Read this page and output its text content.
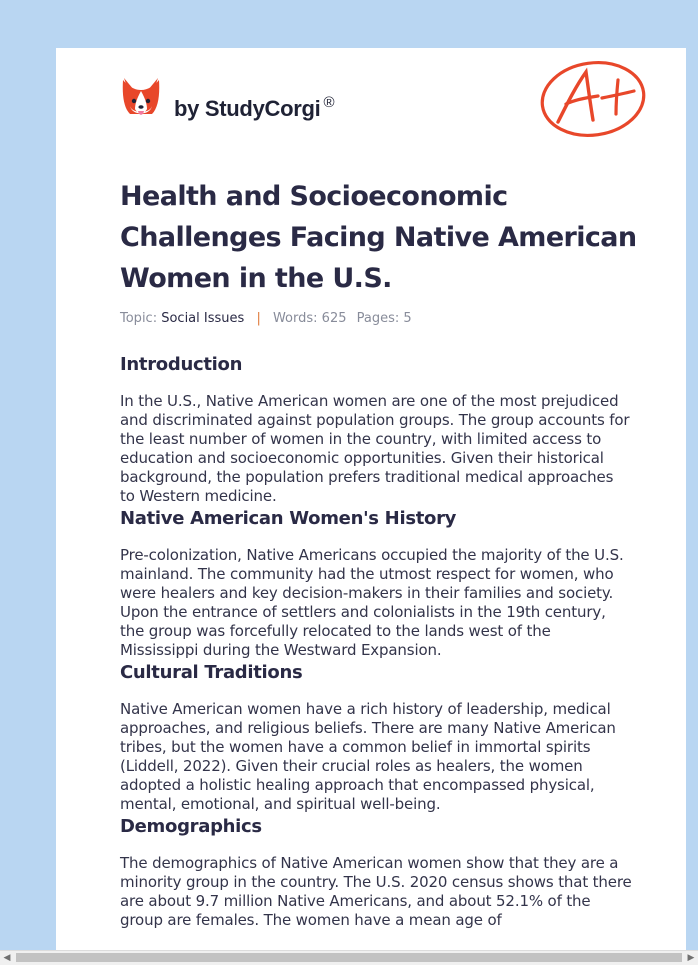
by StudyCorgi ®
Health and Socioeconomic Challenges Facing Native American Women in the U.S.
Topic: Social Issues | Words: 625 Pages: 5
Introduction

In the U.S., Native American women are one of the most prejudiced and discriminated against population groups. The group accounts for the least number of women in the country, with limited access to education and socioeconomic opportunities. Given their historical background, the population prefers traditional medical approaches to Western medicine.

Native American Women's History

Pre-colonization, Native Americans occupied the majority of the U.S. mainland. The community had the utmost respect for women, who were healers and key decision-makers in their families and society. Upon the entrance of settlers and colonialists in the 19th century, the group was forcefully relocated to the lands west of the Mississippi during the Westward Expansion.

Cultural Traditions

Native American women have a rich history of leadership, medical approaches, and religious beliefs. There are many Native American tribes, but the women have a common belief in immortal spirits (Liddell, 2022). Given their crucial roles as healers, the women adopted a holistic healing approach that encompassed physical, mental, emotional, and spiritual well-being.

Demographics

The demographics of Native American women show that they are a minority group in the country. The U.S. 2020 census shows that there are about 9.7 million Native Americans, and about 52.1% of the group are females. The women have a mean age of

◀	▶
